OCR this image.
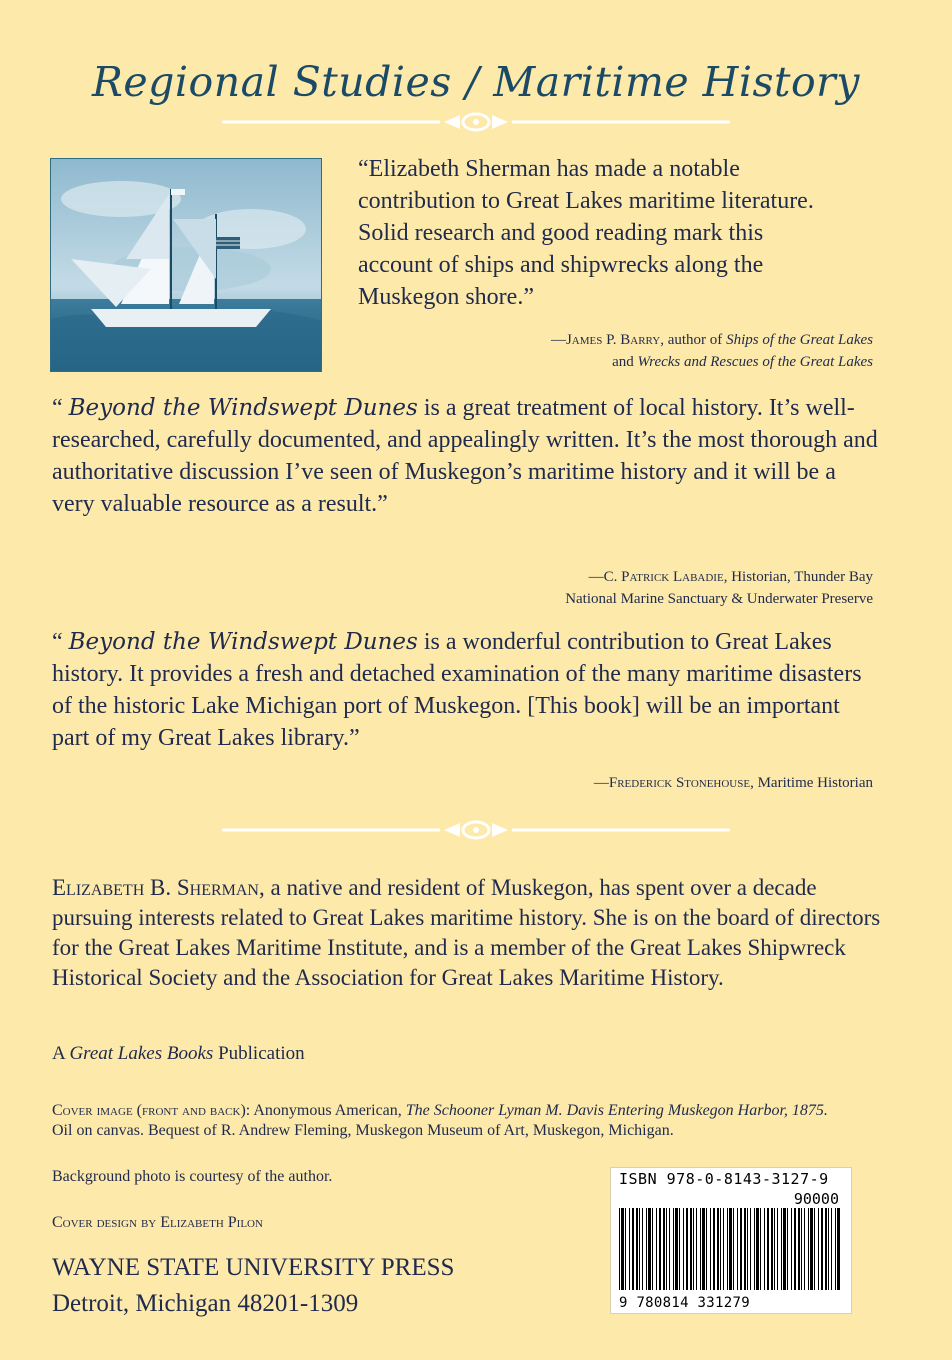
Regional Studies / Maritime History
“Elizabeth Sherman has made a notable contribution to Great Lakes maritime literature. Solid research and good reading mark this account of ships and shipwrecks along the Muskegon shore.”
—James P. Barry, author of Ships of the Great Lakes
and Wrecks and Rescues of the Great Lakes
“ Beyond the Windswept Dunes is a great treatment of local history. It’s well-researched, carefully documented, and appealingly written. It’s the most thorough and authoritative discussion I’ve seen of Muskegon’s maritime history and it will be a very valuable resource as a result.”
—C. Patrick Labadie, Historian, Thunder Bay
National Marine Sanctuary & Underwater Preserve
“ Beyond the Windswept Dunes is a wonderful contribution to Great Lakes history. It provides a fresh and detached examination of the many maritime disasters of the historic Lake Michigan port of Muskegon. [This book] will be an important part of my Great Lakes library.”
—Frederick Stonehouse, Maritime Historian
Elizabeth B. Sherman, a native and resident of Muskegon, has spent over a decade pursuing interests related to Great Lakes maritime history. She is on the board of directors for the Great Lakes Maritime Institute, and is a member of the Great Lakes Shipwreck Historical Society and the Association for Great Lakes Maritime History.
A Great Lakes Books Publication
Cover image (front and back): Anonymous American, The Schooner Lyman M. Davis Entering Muskegon Harbor, 1875. Oil on canvas. Bequest of R. Andrew Fleming, Muskegon Museum of Art, Muskegon, Michigan.
Background photo is courtesy of the author.
Cover design by Elizabeth Pilon
WAYNE STATE UNIVERSITY PRESS
Detroit, Michigan 48201-1309
ISBN 978-0-8143-3127-9
90000
9 780814 331279
